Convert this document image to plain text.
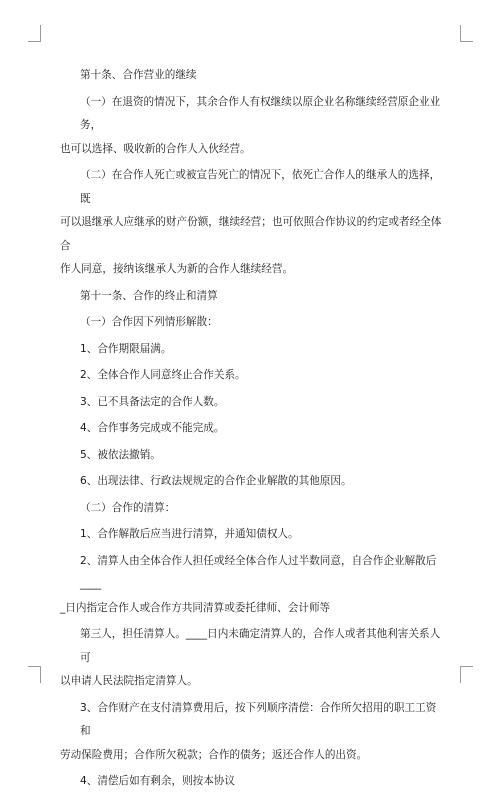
第十条、合作营业的继续

（一）在退资的情况下，其余合作人有权继续以原企业名称继续经营原企业业务，

也可以选择、吸收新的合作人入伙经营。

（二）在合作人死亡或被宣告死亡的情况下，依死亡合作人的继承人的选择，既

可以退继承人应继承的财产份额，继续经营；也可依照合作协议的约定或者经全体合

作人同意，接纳该继承人为新的合作人继续经营。

第十一条、合作的终止和清算

（一）合作因下列情形解散：

1、合作期限届满。

2、全体合作人同意终止合作关系。

3、已不具备法定的合作人数。

4、合作事务完成或不能完成。

5、被依法撤销。

6、出现法律、行政法规规定的合作企业解散的其他原因。

（二）合作的清算：

1、合作解散后应当进行清算，并通知债权人。

2、清算人由全体合作人担任或经全体合作人过半数同意，自合作企业解散后____

_日内指定合作人或合作方共同清算或委托律师、会计师等

第三人，担任清算人。____日内未确定清算人的，合作人或者其他利害关系人可

以申请人民法院指定清算人。

3、合作财产在支付清算费用后，按下列顺序清偿：合作所欠招用的职工工资和

劳动保险费用；合作所欠税款；合作的债务；返还合作人的出资。

4、清偿后如有剩余，则按本协议
